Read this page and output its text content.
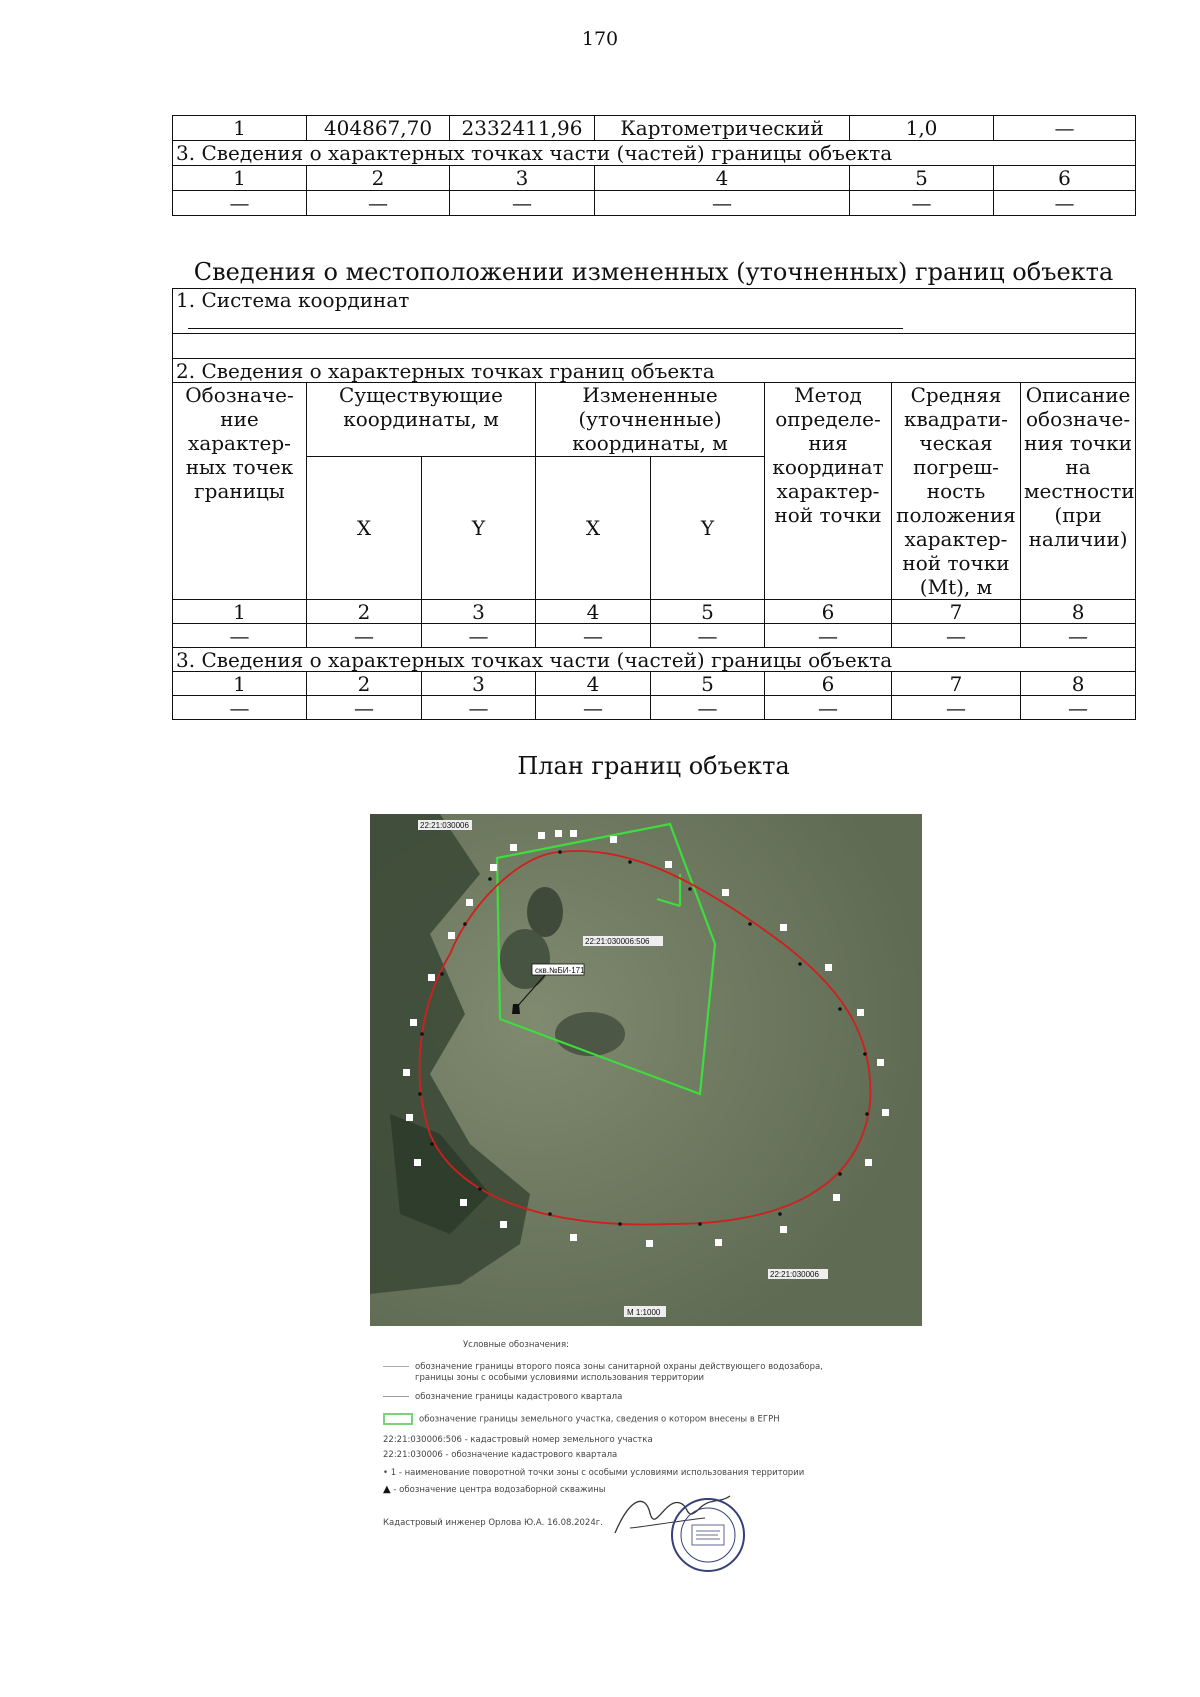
170
1	404867,70	2332411,96	Картометрический	1,0	—
3. Сведения о характерных точках части (частей) границы объекта					
1	2	3	4	5	6
—	—	—	—	—	—
Сведения о местоположении измененных (уточненных) границ объекта
1. Система координат							

2. Сведения о характерных точках границ объекта							
Обозначе-ние характер-ных точек границы	Существующие координаты, м		Измененные (уточненные) координаты, м		Метод определе-ния координат характер-ной точки	Средняя квадрати-ческая погреш-ность положения характер-ной точки (Mt), м	Описание обозначе-ния точки на местности (при наличии)
	X	Y	X	Y			
1	2	3	4	5	6	7	8
—	—	—	—	—	—	—	—
3. Сведения о характерных точках части (частей) границы объекта							
1	2	3	4	5	6	7	8
—	—	—	—	—	—	—	—
План границ объекта
22:21:030006
22:21:030006:506
скв.№БИ-171
22:21:030006
М 1:1000
Условные обозначения:
обозначение границы второго пояса зоны санитарной охраны действующего водозабора,
границы зоны с особыми условиями использования территории
обозначение границы кадастрового квартала
обозначение границы земельного участка, сведения о котором внесены в ЕГРН
22:21:030006:506 - кадастровый номер земельного участка
22:21:030006 - обозначение кадастрового квартала
• 1 - наименование поворотной точки зоны с особыми условиями использования территории
▲ - обозначение центра водозаборной скважины
Кадастровый инженер Орлова Ю.А. 16.08.2024г.
